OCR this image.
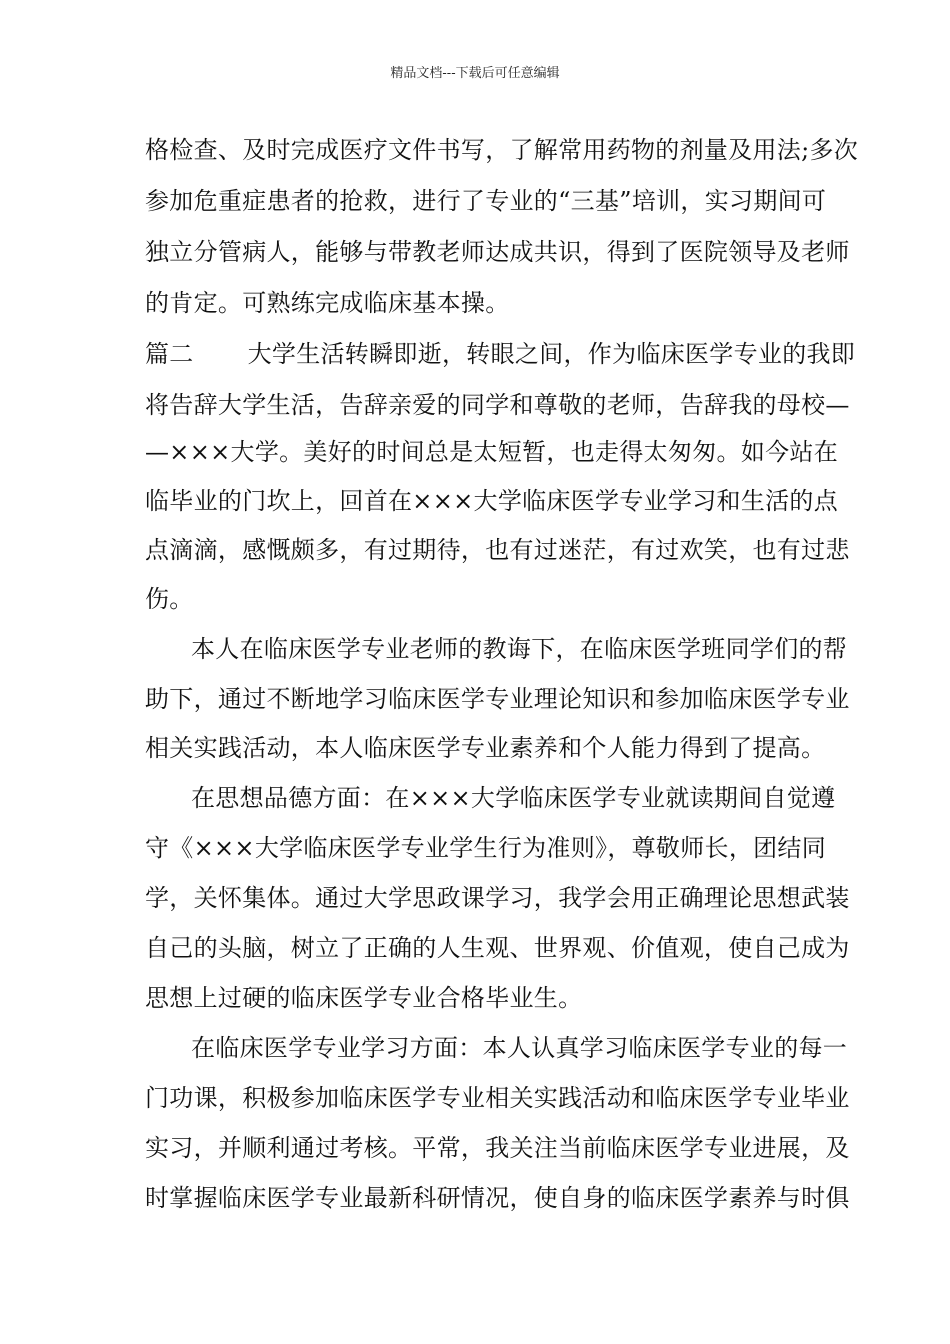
精品文档---下载后可任意编辑
格检查、及时完成医疗文件书写，了解常用药物的剂量及用法;多次
参加危重症患者的抢救，进行了专业的“三基”培训，实习期间可
独立分管病人，能够与带教老师达成共识，得到了医院领导及老师
的肯定。可熟练完成临床基本操。
篇二 大学生活转瞬即逝，转眼之间，作为临床医学专业的我即
将告辞大学生活，告辞亲爱的同学和尊敬的老师，告辞我的母校—
—×××大学。美好的时间总是太短暂，也走得太匆匆。如今站在
临毕业的门坎上，回首在×××大学临床医学专业学习和生活的点
点滴滴，感慨颇多，有过期待，也有过迷茫，有过欢笑，也有过悲
伤。
本人在临床医学专业老师的教诲下，在临床医学班同学们的帮
助下，通过不断地学习临床医学专业理论知识和参加临床医学专业
相关实践活动，本人临床医学专业素养和个人能力得到了提高。
在思想品德方面：在×××大学临床医学专业就读期间自觉遵
守《×××大学临床医学专业学生行为准则》，尊敬师长，团结同
学，关怀集体。通过大学思政课学习，我学会用正确理论思想武装
自己的头脑，树立了正确的人生观、世界观、价值观，使自己成为
思想上过硬的临床医学专业合格毕业生。
在临床医学专业学习方面：本人认真学习临床医学专业的每一
门功课，积极参加临床医学专业相关实践活动和临床医学专业毕业
实习，并顺利通过考核。平常，我关注当前临床医学专业进展，及
时掌握临床医学专业最新科研情况，使自身的临床医学素养与时俱
